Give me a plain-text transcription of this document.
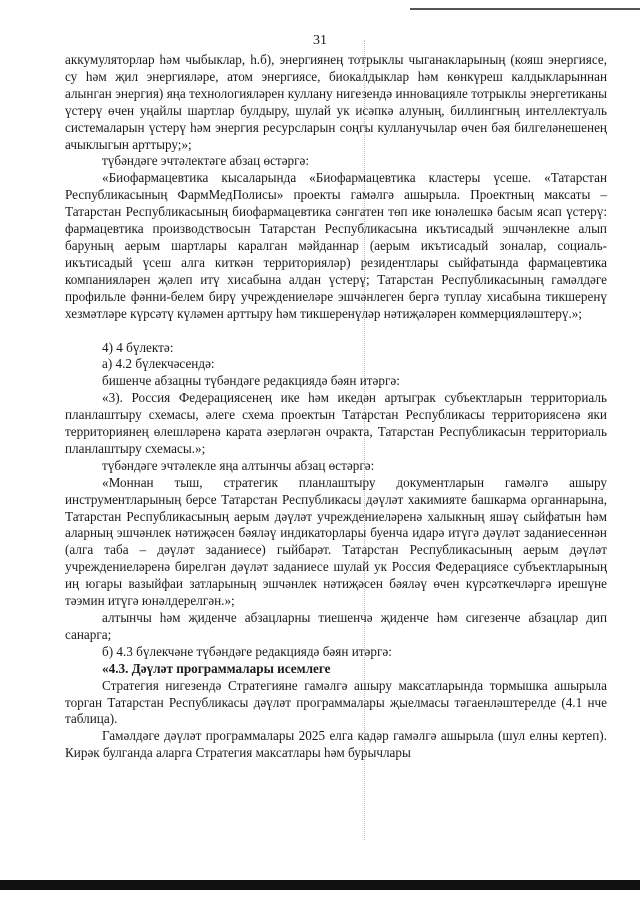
31

аккумуляторлар һәм чыбыклар, һ.б), энергиянең тотрыклы чыганакларының (кояш энергиясе, су һәм җил энергияләре, атом энергиясе, биокалдыклар һәм көнкүреш калдыкларыннан алынган энергия) яңа технологияләрен куллану нигезендә инновацияле тотрыклы энергетиканы үстерү өчен уңайлы шартлар булдыру, шулай ук исәпкә алуның, биллингның интеллектуаль системаларын үстерү һәм энергия ресурсларын соңгы кулланучылар өчен бәя билгеләнешенең ачыклыгын арттыру;»;

түбәндәге эчтәлектәге абзац өстәргә:

«Биофармацевтика кысаларында «Биофармацевтика кластеры үсеше. «Татарстан Республикасының ФармМедПолисы» проекты гамәлгә ашырыла. Проектның максаты – Татарстан Республикасының биофармацевтика сәнгатен төп ике юнәлешкә басым ясап үстерү: фармацевтика производствосын Татарстан Республикасына икътисадый эшчәнлекне алып баруның аерым шартлары каралган мәйданнар (аерым икътисадый зоналар, социаль-икътисадый үсеш алга киткән территорияләр) резидентлары сыйфатында фармацевтика компанияләрен җәлеп итү хисабына алдан үстерү; Татарстан Республикасының гамәлдәге профильле фәнни-белем бирү учреждениеләре эшчәнлеген бергә туплау хисабына тикшеренү хезмәтләре күрсәтү күләмен арттыру һәм тикшеренүләр нәтиҗәләрен коммерцияләштерү.»;

4) 4 бүлектә:

а) 4.2 бүлекчәсендә:

бишенче абзацны түбәндәге редакциядә бәян итәргә:

«3). Россия Федерациясенең ике һәм икедән артыграк субъектларын территориаль планлаштыру схемасы, әлеге схема проектын Татарстан Республикасы территориясенә яки территориянең өлешләренә карата әзерләгән очракта, Татарстан Республикасын территориаль планлаштыру схемасы.»;

түбәндәге эчтәлекле яңа алтынчы абзац өстәргә:

«Моннан тыш, стратегик планлаштыру документларын гамәлгә ашыру инструментларының берсе Татарстан Республикасы дәүләт хакимияте башкарма органнарына, Татарстан Республикасының аерым дәүләт учреждениеләренә халыкның яшәү сыйфатын һәм аларның эшчәнлек нәтиҗәсен бәяләү индикаторлары буенча идарә итүгә дәүләт заданиесеннән (алга таба – дәүләт заданиесе) гыйбарәт. Татарстан Республикасының аерым дәүләт учреждениеләренә бирелгән дәүләт заданиесе шулай ук Россия Федерациясе субъектларының иң югары вазыйфаи затларының эшчәнлек нәтиҗәсен бәяләү өчен күрсәткечләргә ирешүне тәэмин итүгә юнәлдерелгән.»;

алтынчы һәм җиденче абзацларны тиешенчә җиденче һәм сигезенче абзацлар дип санарга;

б) 4.3 бүлекчәне түбәндәге редакциядә бәян итәргә:

«4.3. Дәүләт программалары исемлеге

Стратегия нигезендә Стратегияне гамәлгә ашыру максатларында тормышка ашырыла торган Татарстан Республикасы дәүләт программалары җыелмасы тәгаенләштерелде (4.1 нче таблица).

Гамәлдәге дәүләт программалары 2025 елга кадәр гамәлгә ашырыла (шул елны кертеп). Кирәк булганда аларга Стратегия максатлары һәм бурычлары
